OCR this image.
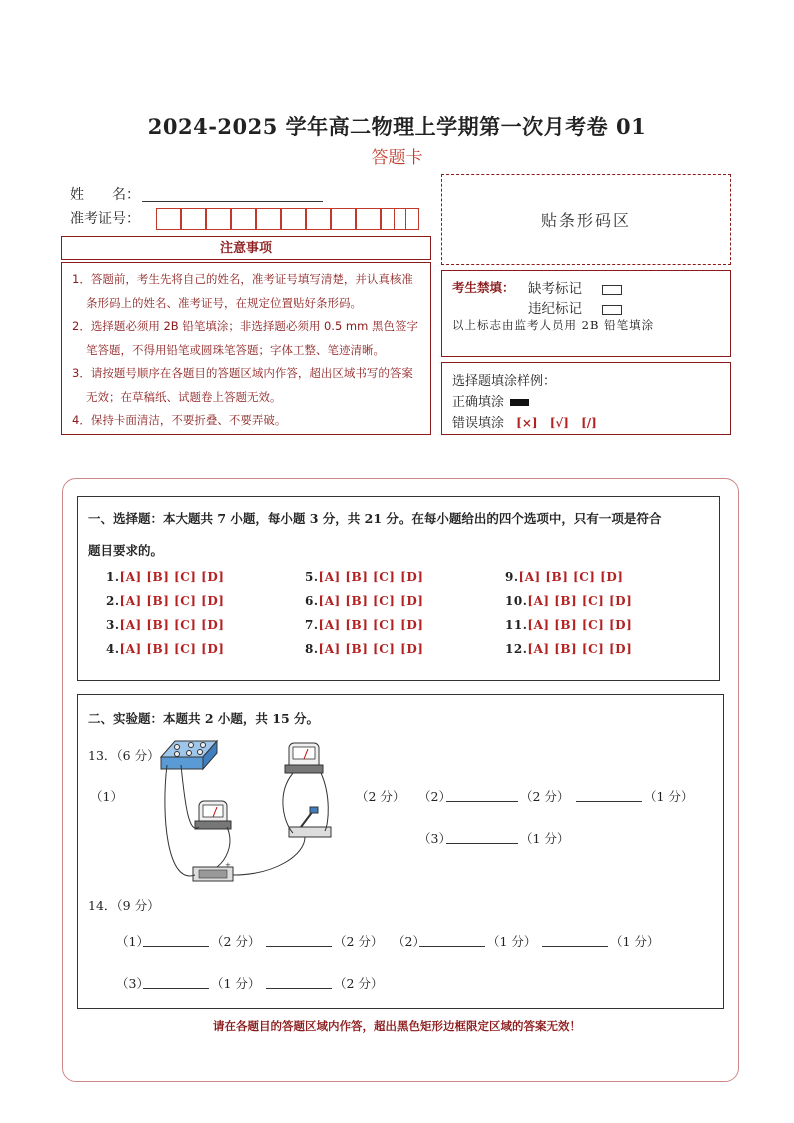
2024-2025 学年高二物理上学期第一次月考卷 01
答题卡
姓　　名：
准考证号：
注意事项

1．答题前，考生先将自己的姓名，准考证号填写清楚，并认真核准条形码上的姓名、准考证号，在规定位置贴好条形码。

2．选择题必须用 2B 铅笔填涂；非选择题必须用 0.5 mm 黑色签字笔答题，不得用铅笔或圆珠笔答题；字体工整、笔迹清晰。

3．请按题号顺序在各题目的答题区域内作答，超出区域书写的答案无效；在草稿纸、试题卷上答题无效。

4．保持卡面清洁，不要折叠、不要弄破。

贴条形码区
考生禁填： 缺考标记
违纪标记
以上标志由监考人员用 2B 铅笔填涂
选择题填涂样例：
正确填涂
错误填涂 [×] [√] [/]
一、选择题：本大题共 7 小题，每小题 3 分，共 21 分。在每小题给出的四个选项中，只有一项是符合
题目要求的。
1.[A] [B] [C] [D]
2.[A] [B] [C] [D]
3.[A] [B] [C] [D]
4.[A] [B] [C] [D]
5.[A] [B] [C] [D]
6.[A] [B] [C] [D]
7.[A] [B] [C] [D]
8.[A] [B] [C] [D]
9.[A] [B] [C] [D]
10.[A] [B] [C] [D]
11.[A] [B] [C] [D]
12.[A] [B] [C] [D]
二、实验题：本题共 2 小题，共 15 分。
13．（6 分）
（1）
+
（2 分） （2）	（2 分）	（1 分）
（3）	（1 分）
14．（9 分）
（1）	（2 分）	（2 分） （2）	（1 分）	（1 分）
（3）	（1 分）	（2 分）
请在各题目的答题区域内作答，超出黑色矩形边框限定区域的答案无效！
